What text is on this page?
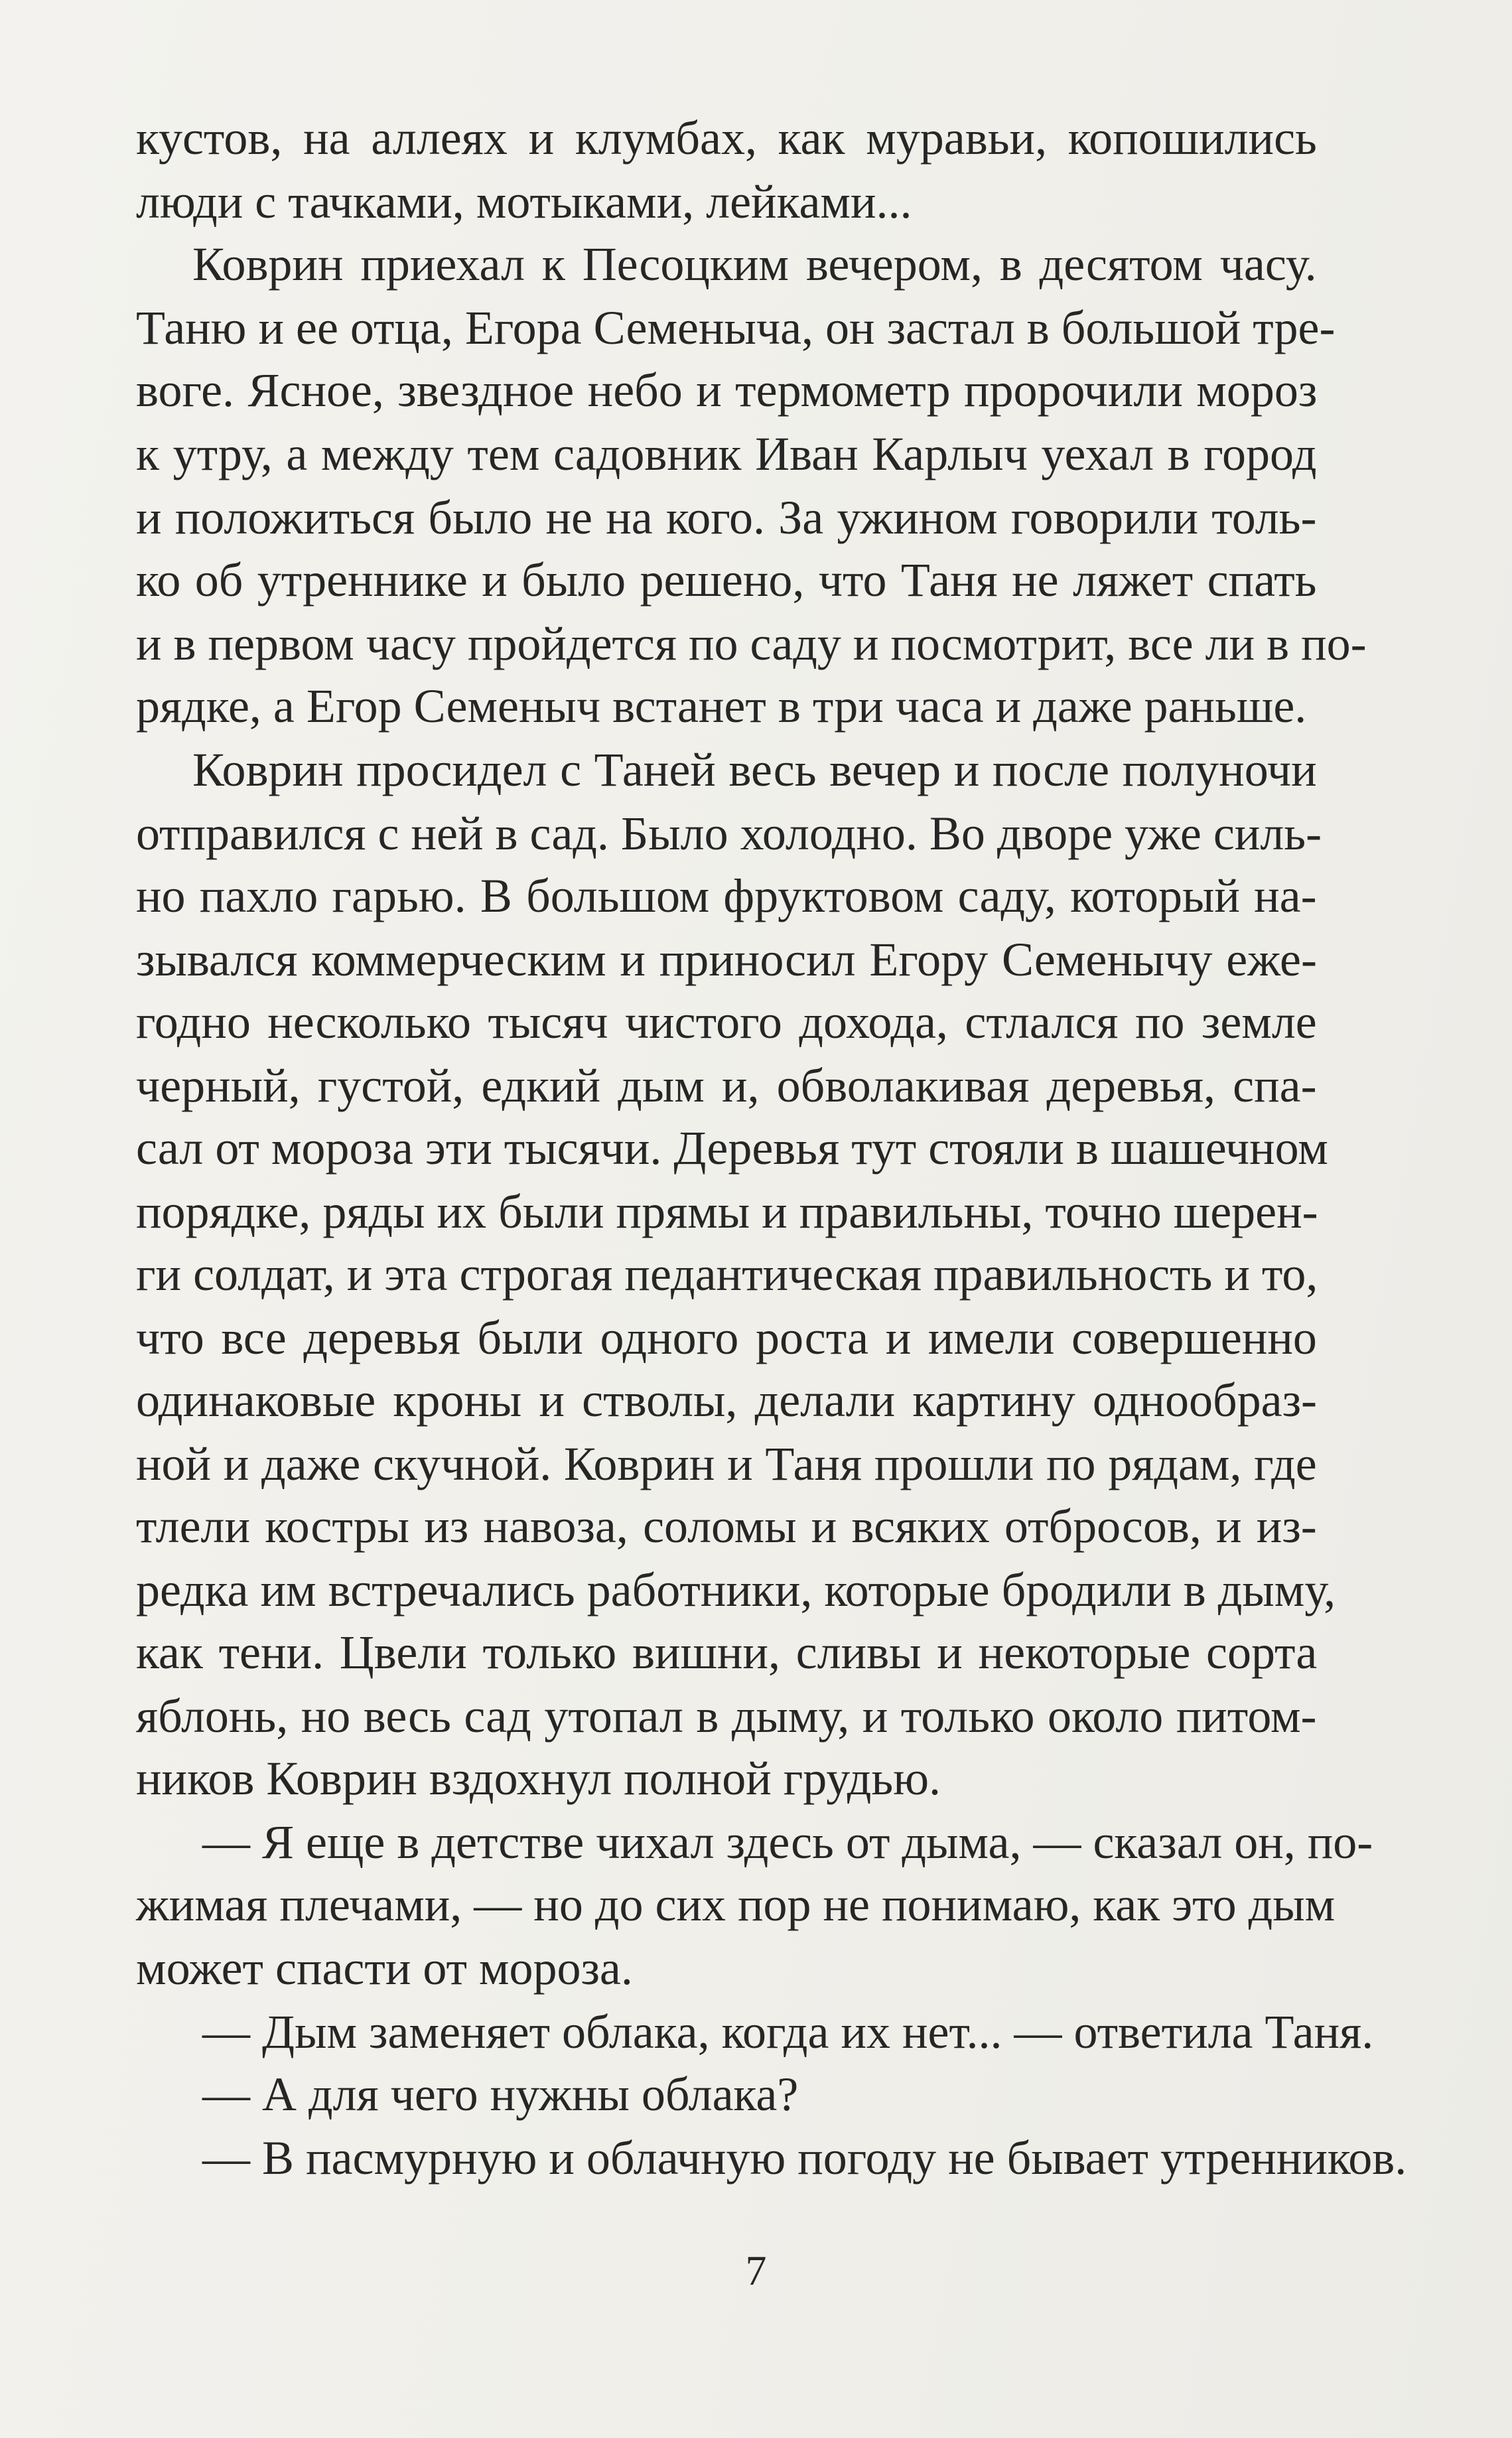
кустов, на аллеях и клумбах, как муравьи, копошились
люди с тачками, мотыками, лейками...
Коврин приехал к Песоцким вечером, в десятом часу.
Таню и ее отца, Егора Семеныча, он застал в большой тре-
воге. Ясное, звездное небо и термометр пророчили мороз
к утру, а между тем садовник Иван Карлыч уехал в город
и положиться было не на кого. За ужином говорили толь-
ко об утреннике и было решено, что Таня не ляжет спать
и в первом часу пройдется по саду и посмотрит, все ли в по-
рядке, а Егор Семеныч встанет в три часа и даже раньше.
Коврин просидел с Таней весь вечер и после полуночи
отправился с ней в сад. Было холодно. Во дворе уже силь-
но пахло гарью. В большом фруктовом саду, который на-
зывался коммерческим и приносил Егору Семенычу еже-
годно несколько тысяч чистого дохода, стлался по земле
черный, густой, едкий дым и, обволакивая деревья, спа-
сал от мороза эти тысячи. Деревья тут стояли в шашечном
порядке, ряды их были прямы и правильны, точно шерен-
ги солдат, и эта строгая педантическая правильность и то,
что все деревья были одного роста и имели совершенно
одинаковые кроны и стволы, делали картину однообраз-
ной и даже скучной. Коврин и Таня прошли по рядам, где
тлели костры из навоза, соломы и всяких отбросов, и из-
редка им встречались работники, которые бродили в дыму,
как тени. Цвели только вишни, сливы и некоторые сорта
яблонь, но весь сад утопал в дыму, и только около питом-
ников Коврин вздохнул полной грудью.
— Я еще в детстве чихал здесь от дыма, — сказал он, по-
жимая плечами, — но до сих пор не понимаю, как это дым
может спасти от мороза.
— Дым заменяет облака, когда их нет... — ответила Таня.
— А для чего нужны облака?
— В пасмурную и облачную погоду не бывает утренников.
7
